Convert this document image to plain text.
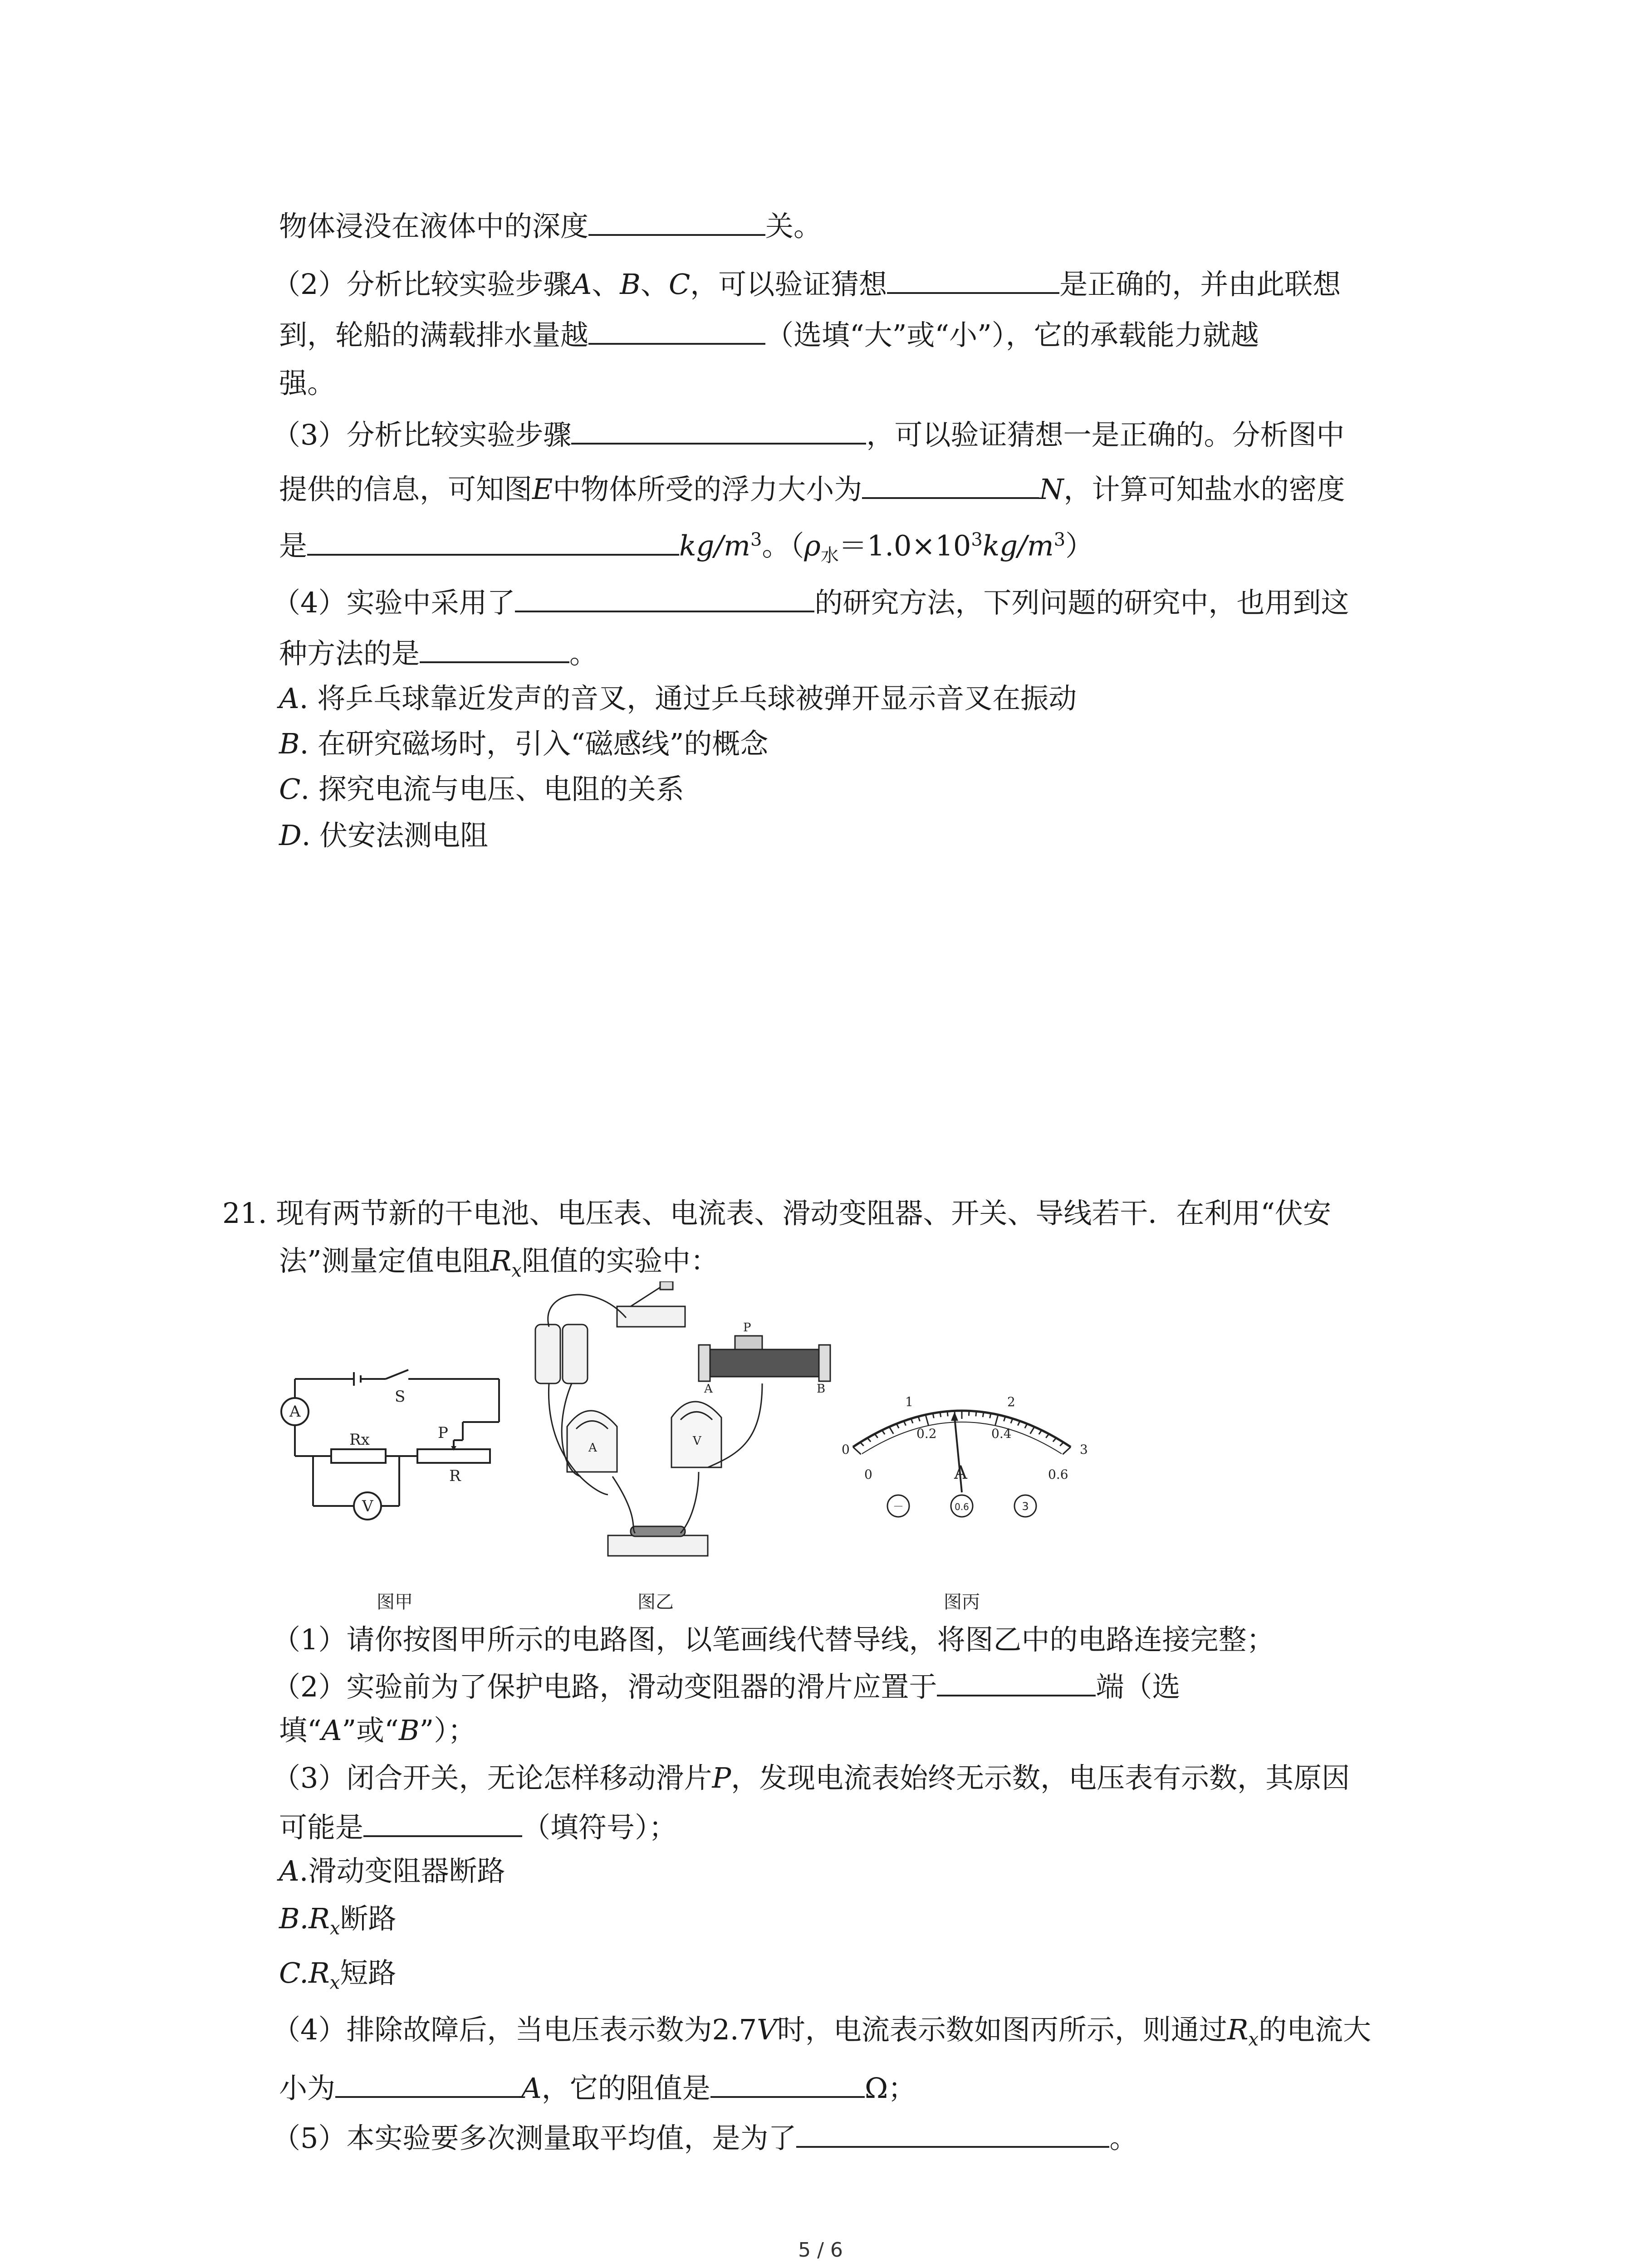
物体浸没在液体中的深度	关。
（2）分析比较实验步骤A、B、C，可以验证猜想	是正确的，并由此联想
到，轮船的满载排水量越	（选填“大”或“小”），它的承载能力就越
强。
（3）分析比较实验步骤	，可以验证猜想一是正确的。分析图中
提供的信息，可知图E中物体所受的浮力大小为	N，计算可知盐水的密度
是	$kg/m^3$。$(\rho_水=1.0\times 10^3kg/m^3)$
（4）实验中采用了	的研究方法，下列问题的研究中，也用到这
种方法的是	。
A. 将乒乓球靠近发声的音叉，通过乒乓球被弹开显示音叉在振动
B. 在研究磁场时，引入“磁感线”的概念
C. 探究电流与电压、电阻的关系
D. 伏安法测电阻
21. 现有两节新的干电池、电压表、电流表、滑动变阻器、开关、导线若干．在利用“伏安
法”测量定值电阻$R_x$阻值的实验中：
A
V
S
Rx	P
R
P
A	B
A	V
0
1	2
3
0
0.2	0.4
0.6
A
－	0.6	3
图甲	图乙	图丙
（1）请你按图甲所示的电路图，以笔画线代替导线，将图乙中的电路连接完整；
（2）实验前为了保护电路，滑动变阻器的滑片应置于	端（选
填“A”或“B”）；
（3）闭合开关，无论怎样移动滑片P，发现电流表始终无示数，电压表有示数，其原因
可能是	（填符号）；
A.滑动变阻器断路
$B.R_x$断路
$C.R_x$短路
（4）排除故障后，当电压表示数为2.7V时，电流表示数如图丙所示，则通过$R_x$的电流大
小为	A，它的阻值是	Ω；
（5）本实验要多次测量取平均值，是为了	。
5 / 6
